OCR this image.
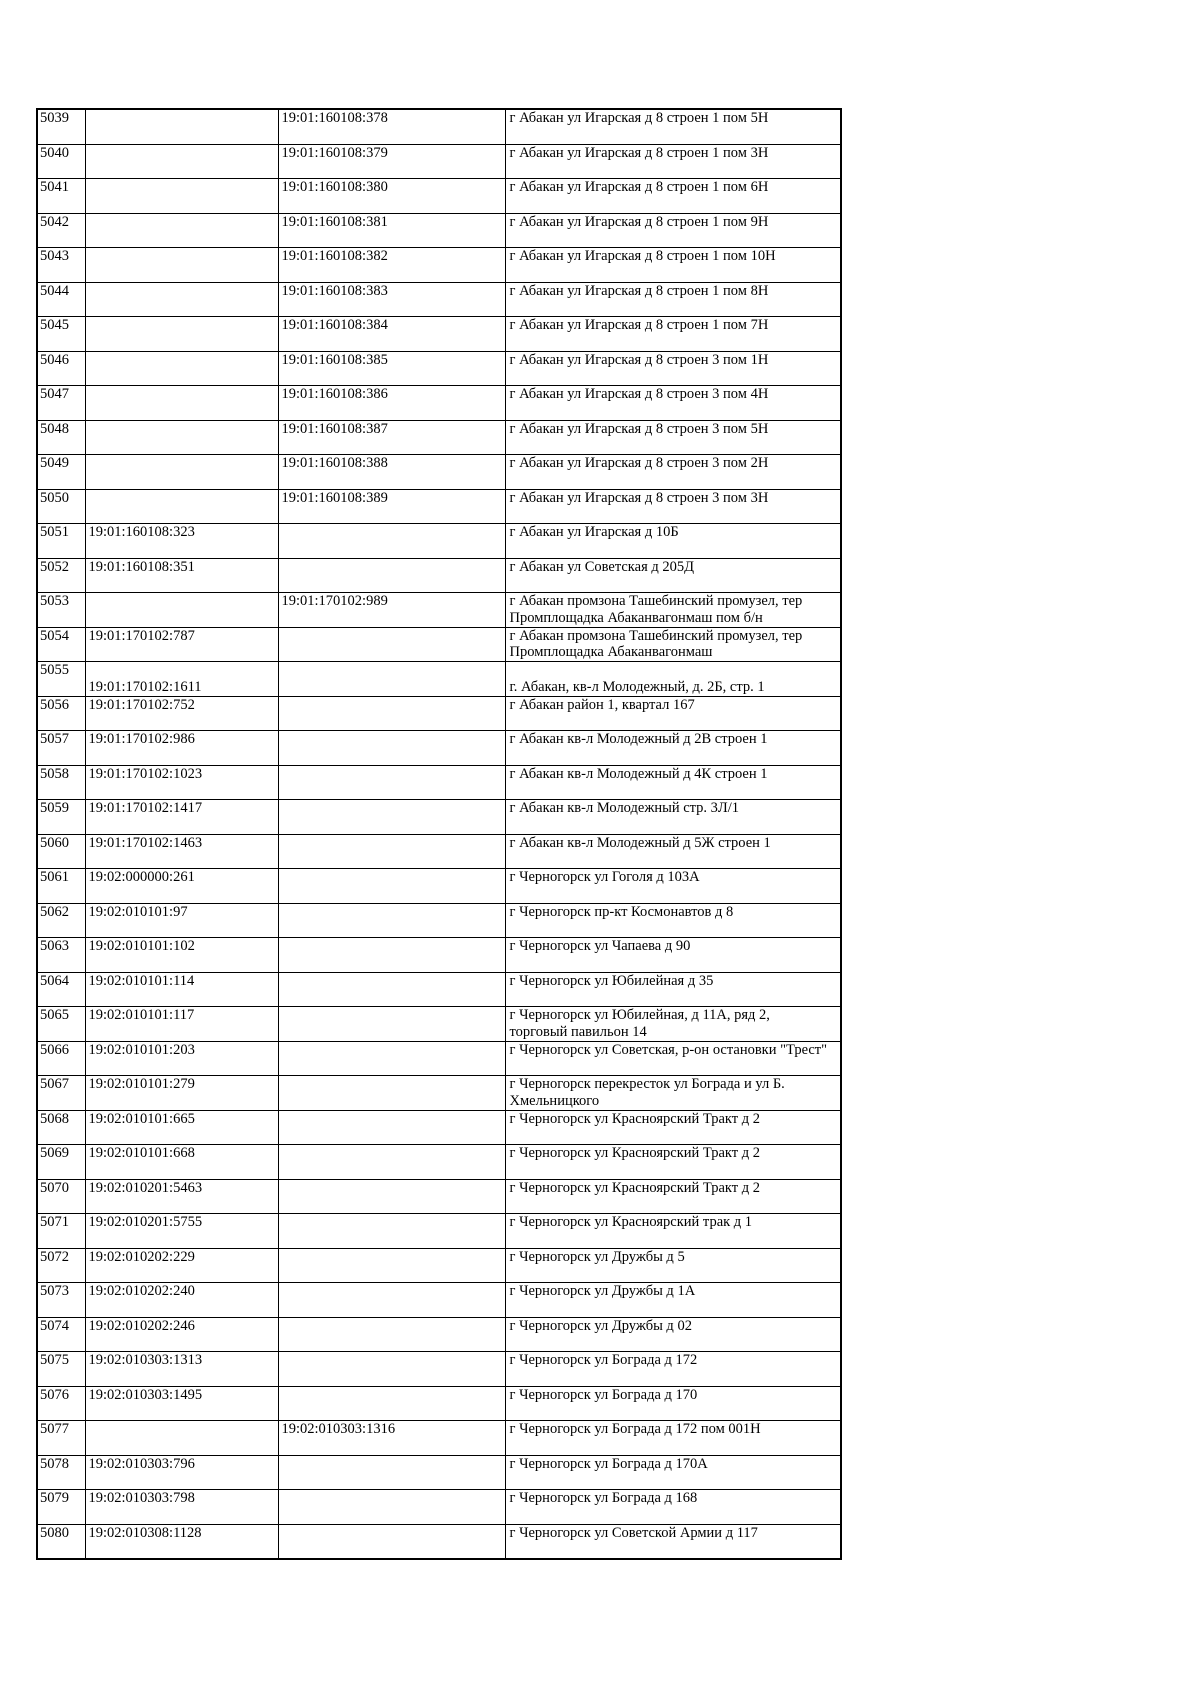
5039		19:01:160108:378	г Абакан ул Игарская д 8 строен 1 пом 5Н
5040		19:01:160108:379	г Абакан ул Игарская д 8 строен 1 пом 3Н
5041		19:01:160108:380	г Абакан ул Игарская д 8 строен 1 пом 6Н
5042		19:01:160108:381	г Абакан ул Игарская д 8 строен 1 пом 9Н
5043		19:01:160108:382	г Абакан ул Игарская д 8 строен 1 пом 10Н
5044		19:01:160108:383	г Абакан ул Игарская д 8 строен 1 пом 8Н
5045		19:01:160108:384	г Абакан ул Игарская д 8 строен 1 пом 7Н
5046		19:01:160108:385	г Абакан ул Игарская д 8 строен 3 пом 1Н
5047		19:01:160108:386	г Абакан ул Игарская д 8 строен 3 пом 4Н
5048		19:01:160108:387	г Абакан ул Игарская д 8 строен 3 пом 5Н
5049		19:01:160108:388	г Абакан ул Игарская д 8 строен 3 пом 2Н
5050		19:01:160108:389	г Абакан ул Игарская д 8 строен 3 пом 3Н
5051	19:01:160108:323		г Абакан ул Игарская д 10Б
5052	19:01:160108:351		г Абакан ул Советская д 205Д
5053		19:01:170102:989	г Абакан промзона Ташебинский промузел, тер Промплощадка Абаканвагонмаш пом б/н
5054	19:01:170102:787		г Абакан промзона Ташебинский промузел, тер Промплощадка Абаканвагонмаш
5055	19:01:170102:1611		г. Абакан, кв-л Молодежный, д. 2Б, стр. 1
5056	19:01:170102:752		г Абакан район 1, квартал 167
5057	19:01:170102:986		г Абакан кв-л Молодежный д 2В строен 1
5058	19:01:170102:1023		г Абакан кв-л Молодежный д 4К строен 1
5059	19:01:170102:1417		г Абакан кв-л Молодежный стр. 3Л/1
5060	19:01:170102:1463		г Абакан кв-л Молодежный д 5Ж строен 1
5061	19:02:000000:261		г Черногорск ул Гоголя д 103А
5062	19:02:010101:97		г Черногорск пр-кт Космонавтов д 8
5063	19:02:010101:102		г Черногорск ул Чапаева д 90
5064	19:02:010101:114		г Черногорск ул Юбилейная д 35
5065	19:02:010101:117		г Черногорск ул Юбилейная, д 11А, ряд 2, торговый павильон 14
5066	19:02:010101:203		г Черногорск ул Советская, р-он остановки "Трест"
5067	19:02:010101:279		г Черногорск перекресток ул Бограда и ул Б. Хмельницкого
5068	19:02:010101:665		г Черногорск ул Красноярский Тракт д 2
5069	19:02:010101:668		г Черногорск ул Красноярский Тракт д 2
5070	19:02:010201:5463		г Черногорск ул Красноярский Тракт д 2
5071	19:02:010201:5755		г Черногорск ул Красноярский трак д 1
5072	19:02:010202:229		г Черногорск ул Дружбы д 5
5073	19:02:010202:240		г Черногорск ул Дружбы д 1А
5074	19:02:010202:246		г Черногорск ул Дружбы д 02
5075	19:02:010303:1313		г Черногорск ул Бограда д 172
5076	19:02:010303:1495		г Черногорск ул Бограда д 170
5077		19:02:010303:1316	г Черногорск ул Бограда д 172 пом 001Н
5078	19:02:010303:796		г Черногорск ул Бограда д 170А
5079	19:02:010303:798		г Черногорск ул Бограда д 168
5080	19:02:010308:1128		г Черногорск ул Советской Армии д 117
